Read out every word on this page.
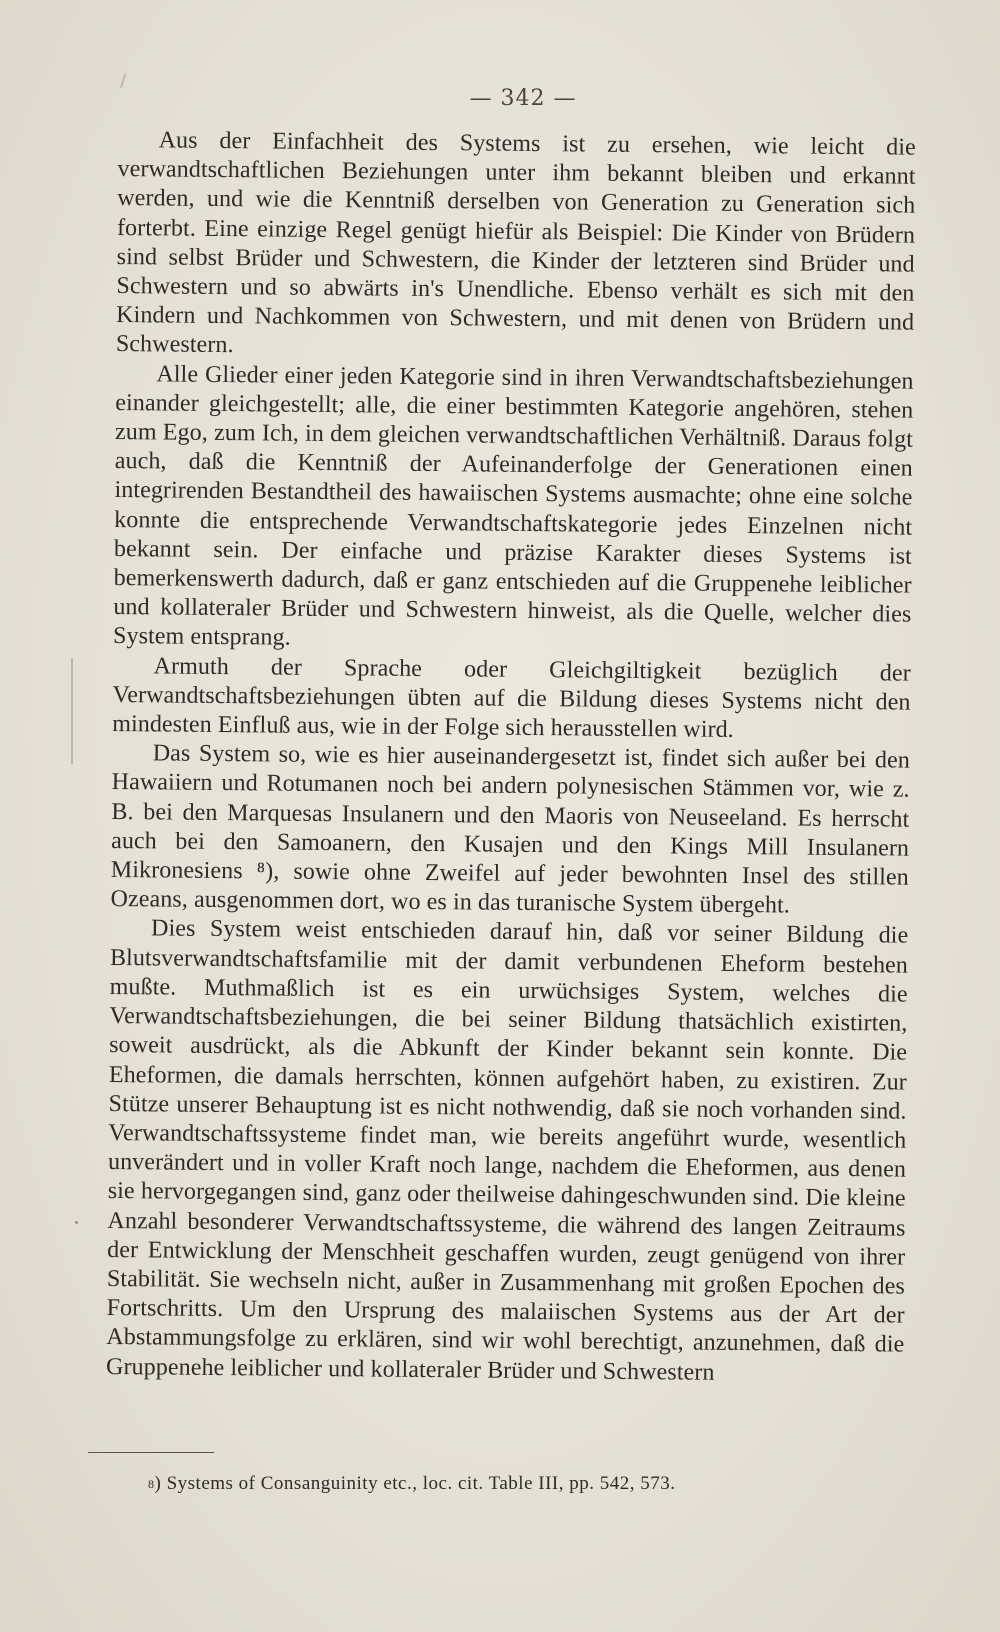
— 342 —

Aus der Einfachheit des Systems ist zu ersehen, wie leicht die verwandtschaftlichen Beziehungen unter ihm bekannt bleiben und erkannt werden, und wie die Kenntniß derselben von Generation zu Generation sich forterbt. Eine einzige Regel genügt hiefür als Beispiel: Die Kinder von Brüdern sind selbst Brüder und Schwestern, die Kinder der letzteren sind Brüder und Schwestern und so abwärts in's Unendliche. Ebenso verhält es sich mit den Kindern und Nachkommen von Schwestern, und mit denen von Brüdern und Schwestern.

Alle Glieder einer jeden Kategorie sind in ihren Verwandtschaftsbeziehungen einander gleichgestellt; alle, die einer bestimmten Kategorie angehören, stehen zum Ego, zum Ich, in dem gleichen verwandtschaftlichen Verhältniß. Daraus folgt auch, daß die Kenntniß der Aufeinanderfolge der Generationen einen integrirenden Bestandtheil des hawaiischen Systems ausmachte; ohne eine solche konnte die entsprechende Verwandtschaftskategorie jedes Einzelnen nicht bekannt sein. Der einfache und präzise Karakter dieses Systems ist bemerkenswerth dadurch, daß er ganz entschieden auf die Gruppenehe leiblicher und kollateraler Brüder und Schwestern hinweist, als die Quelle, welcher dies System entsprang.

Armuth der Sprache oder Gleichgiltigkeit bezüglich der Verwandtschaftsbeziehungen übten auf die Bildung dieses Systems nicht den mindesten Einfluß aus, wie in der Folge sich herausstellen wird.

Das System so, wie es hier auseinandergesetzt ist, findet sich außer bei den Hawaiiern und Rotumanen noch bei andern polynesischen Stämmen vor, wie z. B. bei den Marquesas Insulanern und den Maoris von Neuseeland. Es herrscht auch bei den Samoanern, den Kusajen und den Kings Mill Insulanern Mikronesiens ⁸), sowie ohne Zweifel auf jeder bewohnten Insel des stillen Ozeans, ausgenommen dort, wo es in das turanische System übergeht.

Dies System weist entschieden darauf hin, daß vor seiner Bildung die Blutsverwandtschaftsfamilie mit der damit verbundenen Eheform bestehen mußte. Muthmaßlich ist es ein urwüchsiges System, welches die Verwandtschaftsbeziehungen, die bei seiner Bildung thatsächlich existirten, soweit ausdrückt, als die Abkunft der Kinder bekannt sein konnte. Die Eheformen, die damals herrschten, können aufgehört haben, zu existiren. Zur Stütze unserer Behauptung ist es nicht nothwendig, daß sie noch vorhanden sind. Verwandtschaftssysteme findet man, wie bereits angeführt wurde, wesentlich unverändert und in voller Kraft noch lange, nachdem die Eheformen, aus denen sie hervorgegangen sind, ganz oder theilweise dahingeschwunden sind. Die kleine Anzahl besonderer Verwandtschaftssysteme, die während des langen Zeitraums der Entwicklung der Menschheit geschaffen wurden, zeugt genügend von ihrer Stabilität. Sie wechseln nicht, außer in Zusammenhang mit großen Epochen des Fortschritts. Um den Ursprung des malaiischen Systems aus der Art der Abstammungsfolge zu erklären, sind wir wohl berechtigt, anzunehmen, daß die Gruppenehe leiblicher und kollateraler Brüder und Schwestern

$^8$) Systems of Consanguinity etc., loc. cit. Table III, pp. 542, 573.
